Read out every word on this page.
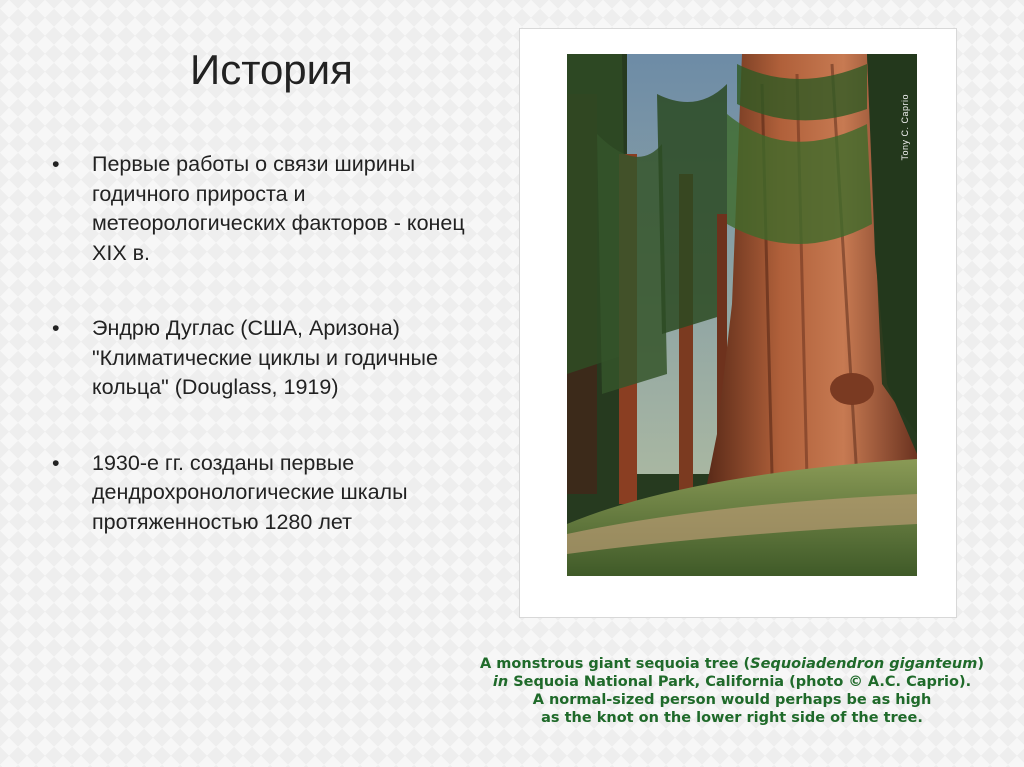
История
• Первые работы о связи ширины годичного прироста и метеорологических факторов - конец XIX в.
• Эндрю Дуглас (США, Аризона) "Климатические циклы и годичные кольца" (Douglass, 1919)
• 1930-е гг. созданы первые дендрохронологические шкалы протяженностью 1280 лет
Tony C. Caprio
A monstrous giant sequoia tree (Sequoiadendron giganteum)
in Sequoia National Park, California (photo © A.C. Caprio).
A normal-sized person would perhaps be as high
as the knot on the lower right side of the tree.
